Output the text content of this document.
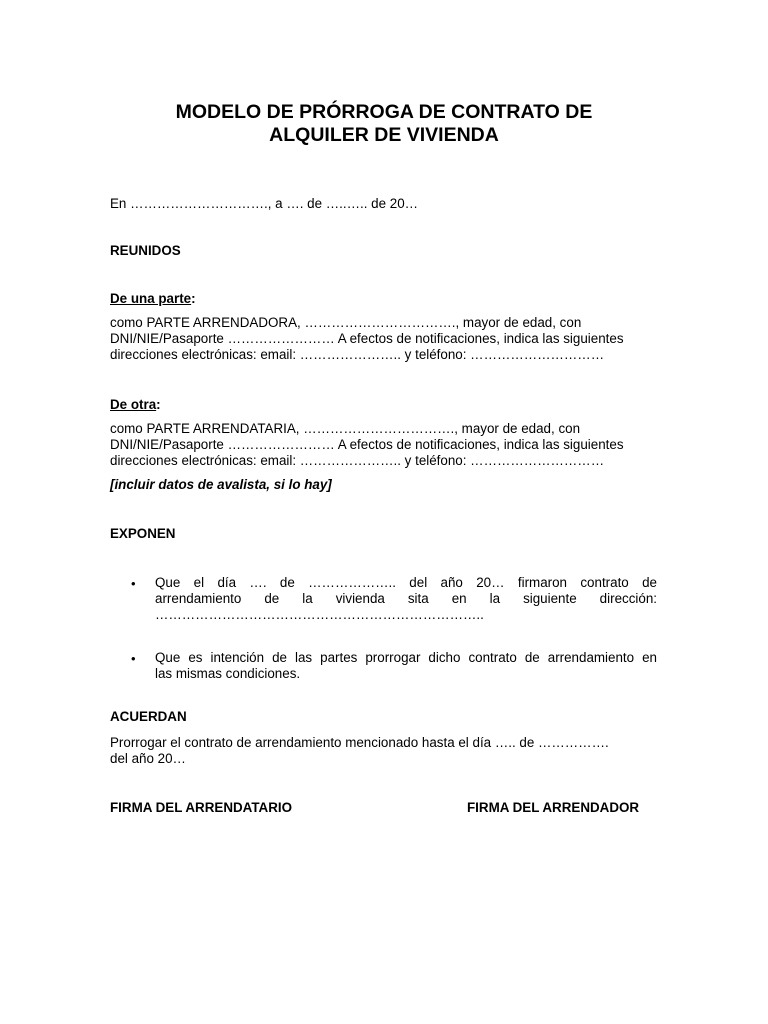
MODELO DE PRÓRROGA DE CONTRATO DE
ALQUILER DE VIVIENDA
En …………………………., a …. de …..….. de 20…
REUNIDOS
De una parte:
como PARTE ARRENDADORA, ……………………………., mayor de edad, con
DNI/NIE/Pasaporte …………………… A efectos de notificaciones, indica las siguientes
direcciones electrónicas: email: ………………….. y teléfono: …………………………
De otra:
como PARTE ARRENDATARIA, ……………………………., mayor de edad, con
DNI/NIE/Pasaporte …………………… A efectos de notificaciones, indica las siguientes
direcciones electrónicas: email: ………………….. y teléfono: …………………………
[incluir datos de avalista, si lo hay]
EXPONEN
• Que el día …. de ……………….. del año 20… firmaron contrato de
arrendamiento de la vivienda sita en la siguiente dirección:
………………………………………………………………..
• Que es intención de las partes prorrogar dicho contrato de arrendamiento en
las mismas condiciones.
ACUERDAN
Prorrogar el contrato de arrendamiento mencionado hasta el día ….. de …………….
del año 20…
FIRMA DEL ARRENDATARIO	FIRMA DEL ARRENDADOR
